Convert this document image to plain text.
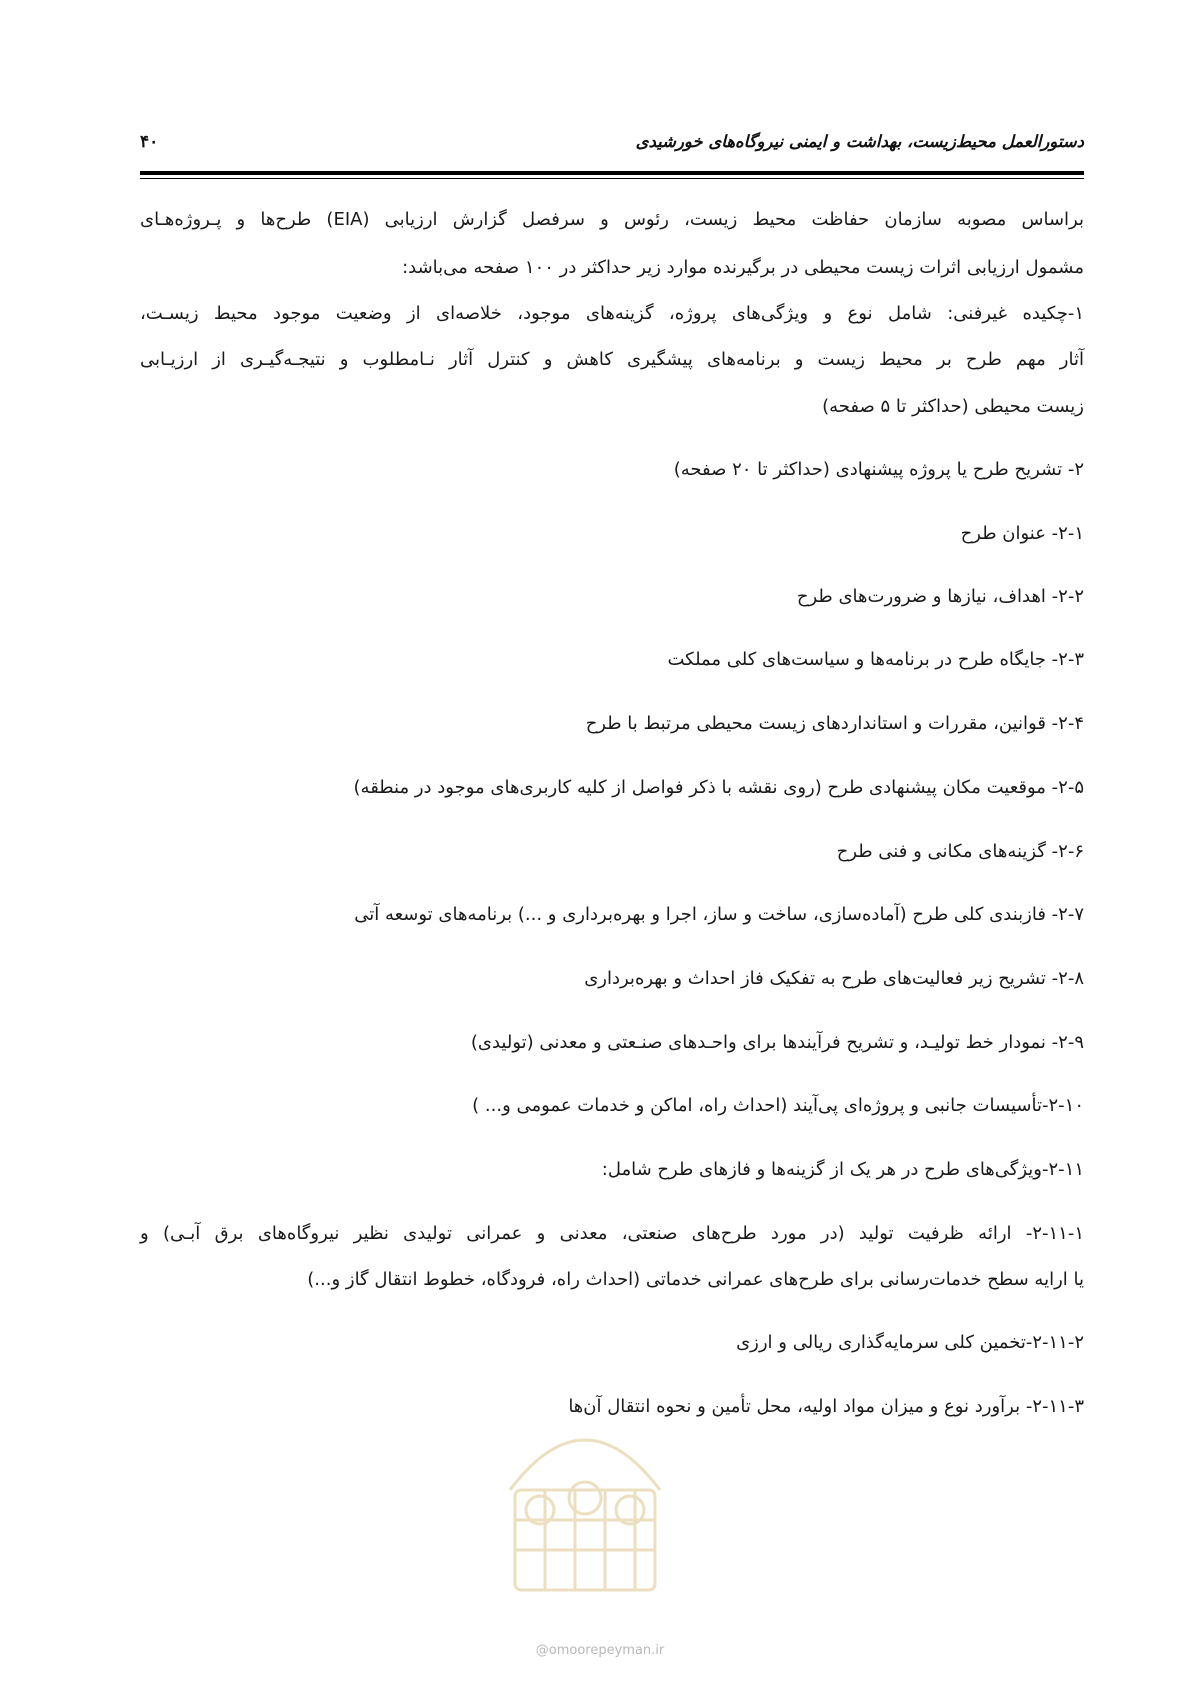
دستورالعمل محیط‌زیست، بهداشت و ایمنی نیروگاه‌های خورشیدی
۴۰
براساس مصوبه سازمان حفاظت محیط زیست، رئوس و سرفصل گزارش ارزیابی (EIA) طرح‌ها و پـروژه‌هـای
مشمول ارزیابی اثرات زیست محیطی در برگیرنده موارد زیر حداکثر در ۱۰۰ صفحه می‌باشد:
۱-چکیده غیرفنی: شامل نوع و ویژگی‌های پروژه، گزینه‌های موجود، خلاصه‌ای از وضعیت موجود محیط زیسـت،
آثار مهم طرح بر محیط زیست و برنامه‌های پیشگیری کاهش و کنترل آثار نـامطلوب و نتیجـه‌گیـری از ارزیـابی
زیست محیطی (حداکثر تا ۵ صفحه)
۲- تشریح طرح یا پروژه پیشنهادی (حداکثر تا ۲۰ صفحه)
۲-۱- عنوان طرح
۲-۲- اهداف، نیازها و ضرورت‌های طرح
۲-۳- جایگاه طرح در برنامه‌ها و سیاست‌های کلی مملکت
۲-۴- قوانین، مقررات و استانداردهای زیست محیطی مرتبط با طرح
۲-۵- موقعیت مکان پیشنهادی طرح (روی نقشه با ذکر فواصل از کلیه کاربری‌های موجود در منطقه)
۲-۶- گزینه‌های مکانی و فنی طرح
۲-۷- فازبندی کلی طرح (آماده‌سازی، ساخت و ساز، اجرا و بهره‌برداری و ...) برنامه‌های توسعه آتی
۲-۸- تشریح زیر فعالیت‌های طرح به تفکیک فاز احداث و بهره‌برداری
۲-۹- نمودار خط تولیـد، و تشریح فرآیندها برای واحـدهای صنـعتی و معدنی (تولیدی)
۲-۱۰-تأسیسات جانبی و پروژه‌ای پی‌آیند (احداث راه، اماکن و خدمات عمومی و... )
۲-۱۱-ویژگی‌های طرح در هر یک از گزینه‌ها و فازهای طرح شامل:
۲-۱۱-۱- ارائه ظرفیت تولید (در مورد طرح‌های صنعتی، معدنی و عمرانی تولیدی نظیر نیروگاه‌های برق آبـی) و
یا ارایه سطح خدمات‌رسانی برای طرح‌های عمرانی خدماتی (احداث راه، فرودگاه، خطوط انتقال گاز و...)
۲-۱۱-۲-تخمین کلی سرمایه‌گذاری ریالی و ارزی
۲-۱۱-۳- برآورد نوع و میزان مواد اولیه، محل تأمین و نحوه انتقال آن‌ها
@omoorepeyman.ir
